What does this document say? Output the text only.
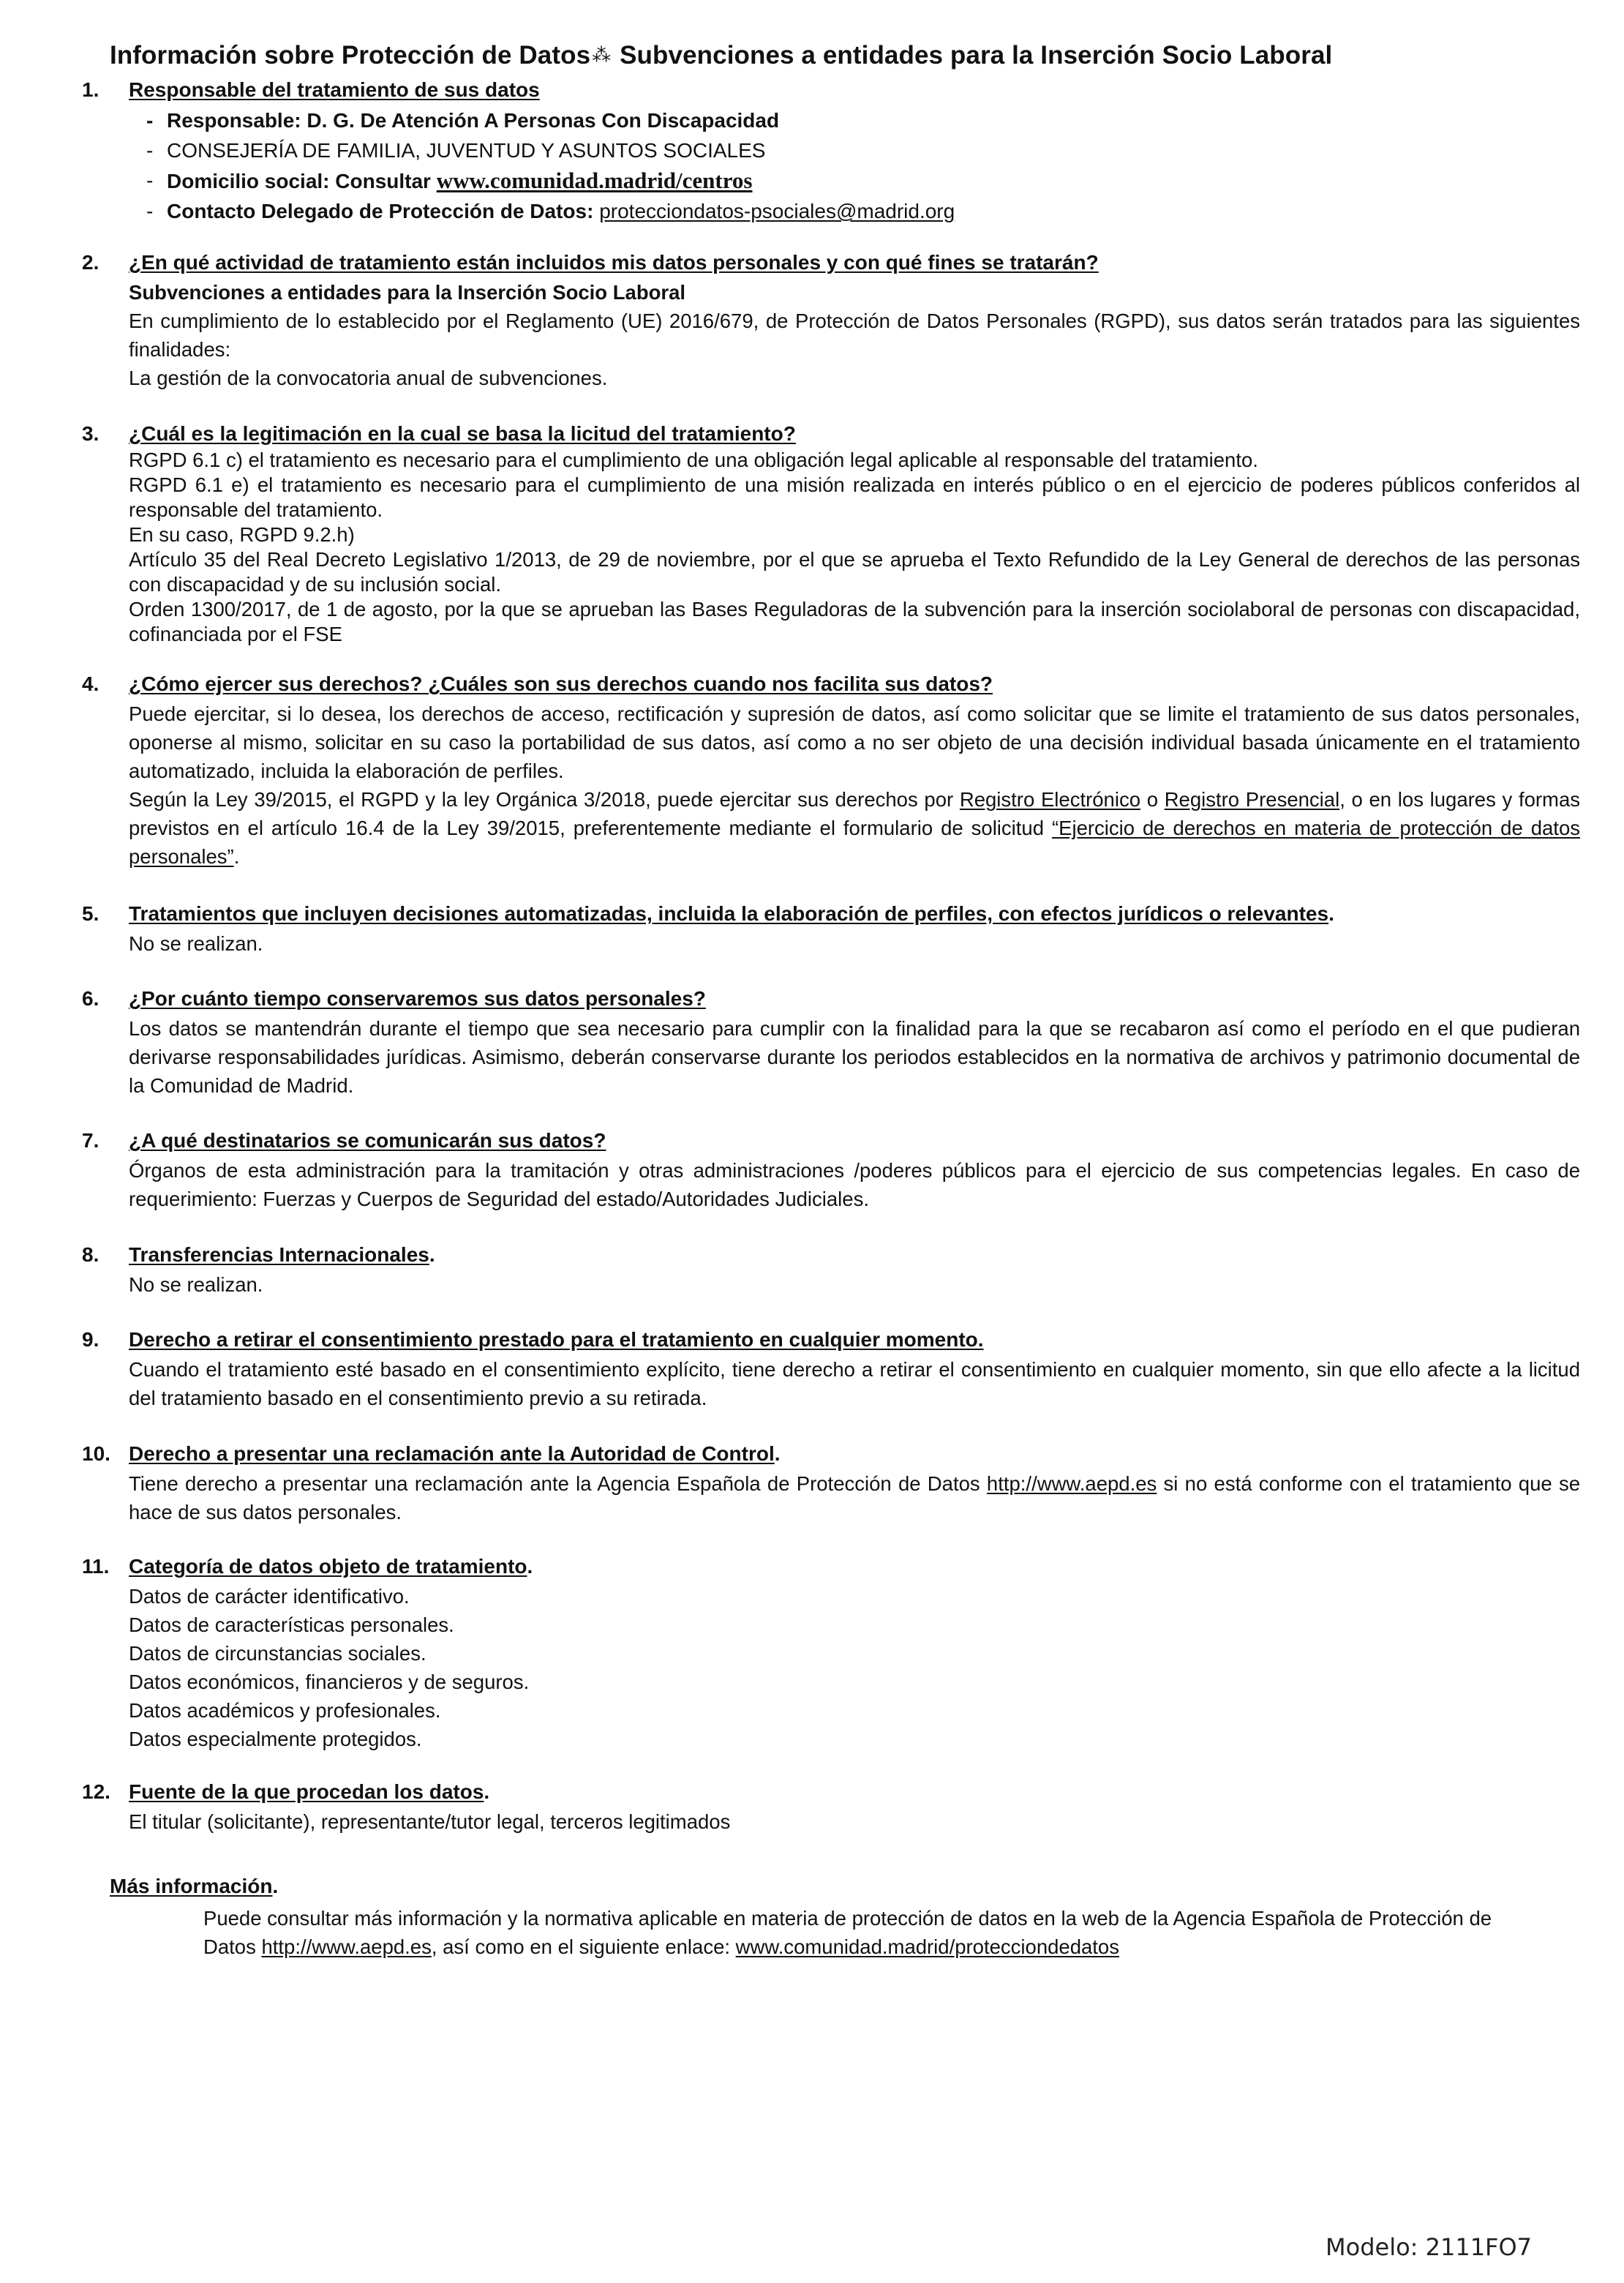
Información sobre Protección de Datos⁂ Subvenciones a entidades para la Inserción Socio Laboral
1. Responsable del tratamiento de sus datos
- Responsable: D. G. De Atención A Personas Con Discapacidad
- CONSEJERÍA DE FAMILIA, JUVENTUD Y ASUNTOS SOCIALES
- Domicilio social: Consultar www.comunidad.madrid/centros
- Contacto Delegado de Protección de Datos: protecciondatos-psociales@madrid.org
2. ¿En qué actividad de tratamiento están incluidos mis datos personales y con qué fines se tratarán?

Subvenciones a entidades para la Inserción Socio Laboral

En cumplimiento de lo establecido por el Reglamento (UE) 2016/679, de Protección de Datos Personales (RGPD), sus datos serán tratados para las siguientes finalidades:

La gestión de la convocatoria anual de subvenciones.

3. ¿Cuál es la legitimación en la cual se basa la licitud del tratamiento?

RGPD 6.1 c) el tratamiento es necesario para el cumplimiento de una obligación legal aplicable al responsable del tratamiento.

RGPD 6.1 e) el tratamiento es necesario para el cumplimiento de una misión realizada en interés público o en el ejercicio de poderes públicos conferidos al responsable del tratamiento.

En su caso, RGPD 9.2.h)

Artículo 35 del Real Decreto Legislativo 1/2013, de 29 de noviembre, por el que se aprueba el Texto Refundido de la Ley General de derechos de las personas con discapacidad y de su inclusión social.

Orden 1300/2017, de 1 de agosto, por la que se aprueban las Bases Reguladoras de la subvención para la inserción sociolaboral de personas con discapacidad, cofinanciada por el FSE

4. ¿Cómo ejercer sus derechos? ¿Cuáles son sus derechos cuando nos facilita sus datos?

Puede ejercitar, si lo desea, los derechos de acceso, rectificación y supresión de datos, así como solicitar que se limite el tratamiento de sus datos personales, oponerse al mismo, solicitar en su caso la portabilidad de sus datos, así como a no ser objeto de una decisión individual basada únicamente en el tratamiento automatizado, incluida la elaboración de perfiles.

Según la Ley 39/2015, el RGPD y la ley Orgánica 3/2018, puede ejercitar sus derechos por Registro Electrónico o Registro Presencial, o en los lugares y formas previstos en el artículo 16.4 de la Ley 39/2015, preferentemente mediante el formulario de solicitud “Ejercicio de derechos en materia de protección de datos personales”.

5. Tratamientos que incluyen decisiones automatizadas, incluida la elaboración de perfiles, con efectos jurídicos o relevantes.

No se realizan.

6. ¿Por cuánto tiempo conservaremos sus datos personales?

Los datos se mantendrán durante el tiempo que sea necesario para cumplir con la finalidad para la que se recabaron así como el período en el que pudieran derivarse responsabilidades jurídicas. Asimismo, deberán conservarse durante los periodos establecidos en la normativa de archivos y patrimonio documental de la Comunidad de Madrid.

7. ¿A qué destinatarios se comunicarán sus datos?

Órganos de esta administración para la tramitación y otras administraciones /poderes públicos para el ejercicio de sus competencias legales. En caso de requerimiento: Fuerzas y Cuerpos de Seguridad del estado/Autoridades Judiciales.

8. Transferencias Internacionales.

No se realizan.

9. Derecho a retirar el consentimiento prestado para el tratamiento en cualquier momento.

Cuando el tratamiento esté basado en el consentimiento explícito, tiene derecho a retirar el consentimiento en cualquier momento, sin que ello afecte a la licitud del tratamiento basado en el consentimiento previo a su retirada.

10. Derecho a presentar una reclamación ante la Autoridad de Control.

Tiene derecho a presentar una reclamación ante la Agencia Española de Protección de Datos http://www.aepd.es si no está conforme con el tratamiento que se hace de sus datos personales.

11. Categoría de datos objeto de tratamiento.

Datos de carácter identificativo.

Datos de características personales.

Datos de circunstancias sociales.

Datos económicos, financieros y de seguros.

Datos académicos y profesionales.

Datos especialmente protegidos.

12. Fuente de la que procedan los datos.

El titular (solicitante), representante/tutor legal, terceros legitimados

Más información.
Puede consultar más información y la normativa aplicable en materia de protección de datos en la web de la Agencia Española de Protección de Datos http://www.aepd.es, así como en el siguiente enlace: www.comunidad.madrid/protecciondedatos
Modelo: 2111FO7
